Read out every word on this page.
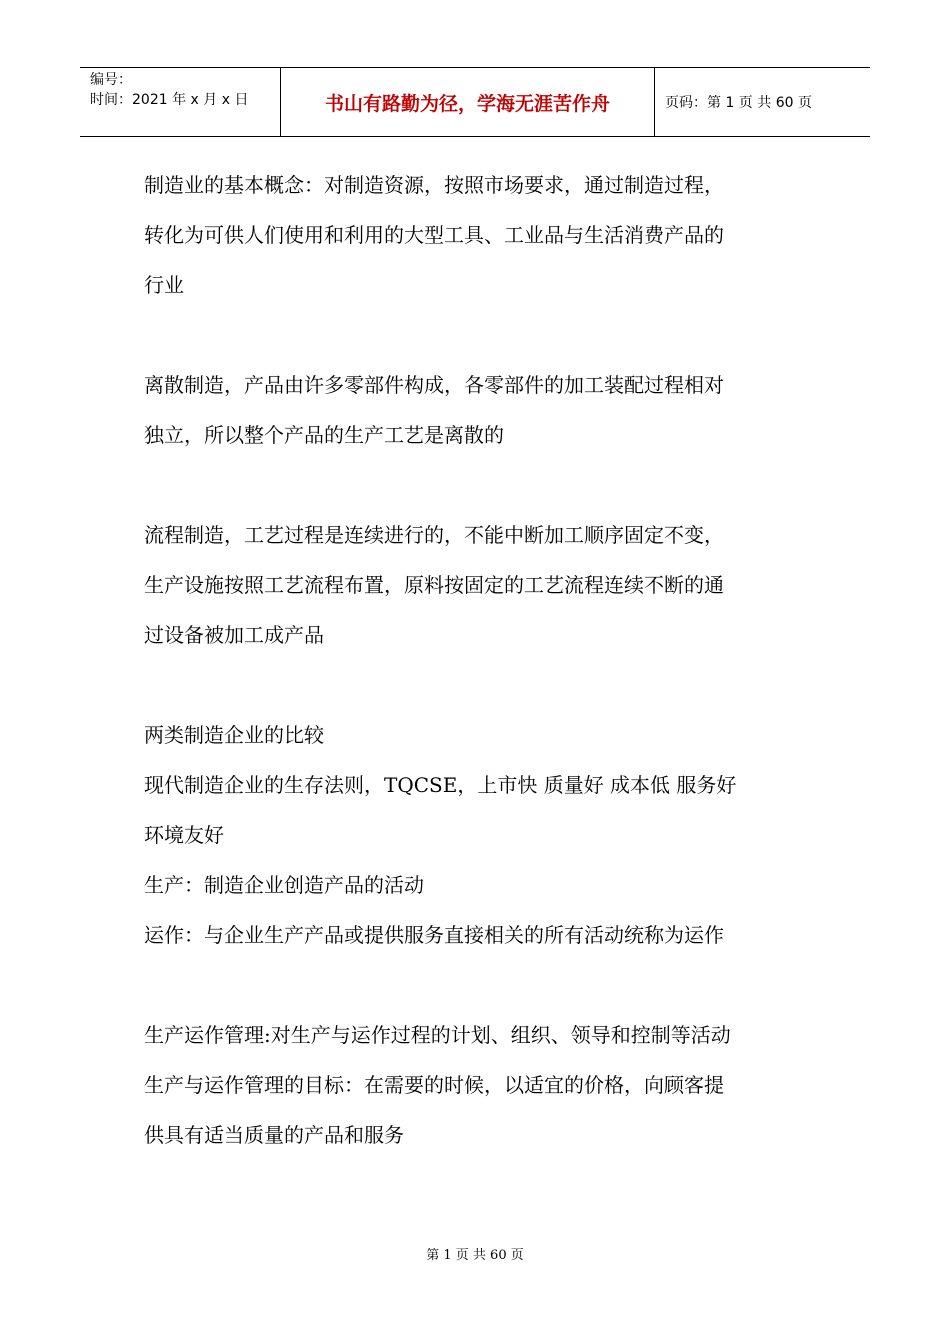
编号：
时间：2021 年 x 月 x 日	书山有路勤为径，学海无涯苦作舟	页码：第 1 页 共 60 页

制造业的基本概念：对制造资源，按照市场要求，通过制造过程，

转化为可供人们使用和利用的大型工具、工业品与生活消费产品的

行业

离散制造，产品由许多零部件构成，各零部件的加工装配过程相对

独立，所以整个产品的生产工艺是离散的

流程制造，工艺过程是连续进行的，不能中断加工顺序固定不变，

生产设施按照工艺流程布置，原料按固定的工艺流程连续不断的通

过设备被加工成产品

两类制造企业的比较

现代制造企业的生存法则，TQCSE，上市快 质量好 成本低 服务好

环境友好

生产：制造企业创造产品的活动

运作：与企业生产产品或提供服务直接相关的所有活动统称为运作

生产运作管理:对生产与运作过程的计划、组织、领导和控制等活动

生产与运作管理的目标：在需要的时候，以适宜的价格，向顾客提

供具有适当质量的产品和服务

第 1 页 共 60 页
